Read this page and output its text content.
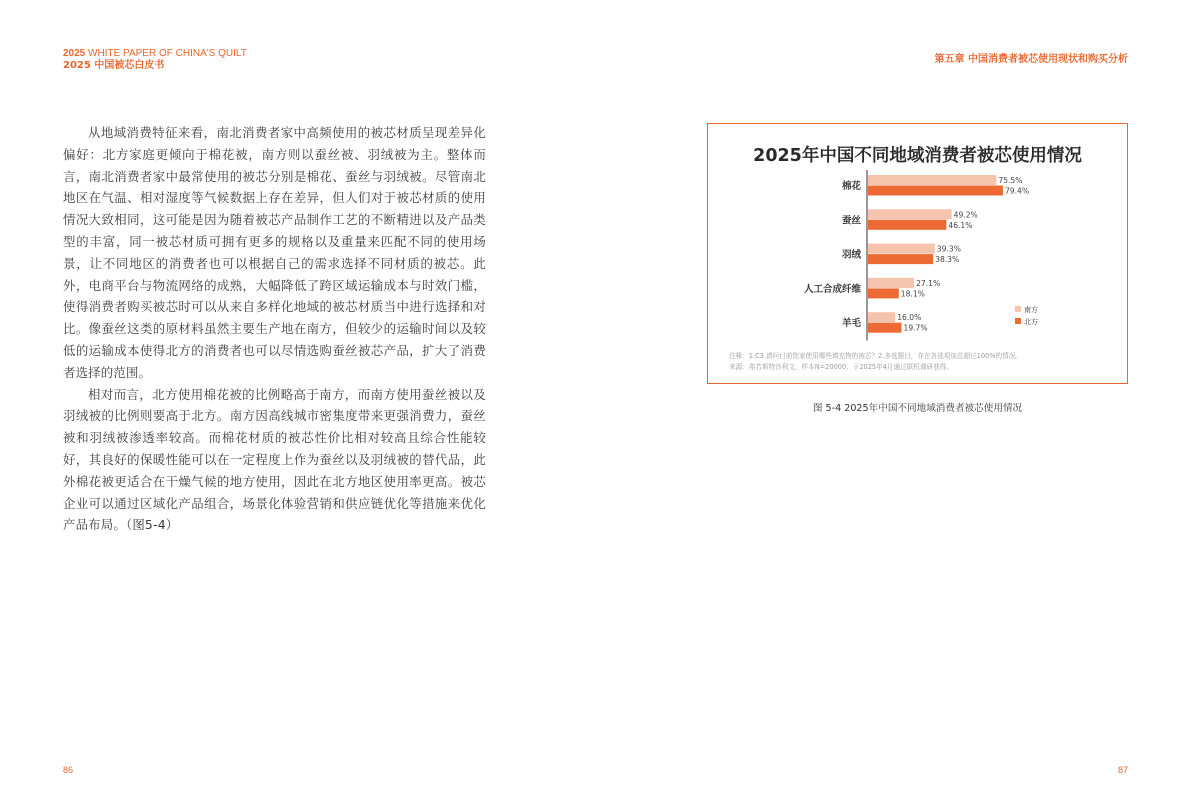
2025 WHITE PAPER OF CHINA'S QUILT
2025 中国被芯白皮书
第五章 中国消费者被芯使用现状和购买分析

从地域消费特征来看，南北消费者家中高频使用的被芯材质呈现差异化偏好：北方家庭更倾向于棉花被，南方则以蚕丝被、羽绒被为主。整体而言，南北消费者家中最常使用的被芯分别是棉花、蚕丝与羽绒被。尽管南北地区在气温、相对湿度等气候数据上存在差异，但人们对于被芯材质的使用情况大致相同，这可能是因为随着被芯产品制作工艺的不断精进以及产品类型的丰富，同一被芯材质可拥有更多的规格以及重量来匹配不同的使用场景，让不同地区的消费者也可以根据自己的需求选择不同材质的被芯。此外，电商平台与物流网络的成熟，大幅降低了跨区域运输成本与时效门槛，使得消费者购买被芯时可以从来自多样化地域的被芯材质当中进行选择和对比。像蚕丝这类的原材料虽然主要生产地在南方，但较少的运输时间以及较低的运输成本使得北方的消费者也可以尽情选购蚕丝被芯产品，扩大了消费者选择的范围。

相对而言，北方使用棉花被的比例略高于南方，而南方使用蚕丝被以及羽绒被的比例则要高于北方。南方因高线城市密集度带来更强消费力，蚕丝被和羽绒被渗透率较高。而棉花材质的被芯性价比相对较高且综合性能较好，其良好的保暖性能可以在一定程度上作为蚕丝以及羽绒被的替代品，此外棉花被更适合在干燥气候的地方使用，因此在北方地区使用率更高。被芯企业可以通过区域化产品组合，场景化体验营销和供应链优化等措施来优化产品布局。（图5-4）

2025年中国不同地域消费者被芯使用情况
棉花
75.5%
79.4%
蚕丝
49.2%
46.1%
羽绒
39.3%
38.3%
人工合成纤维
27.1%
18.1%
羊毛
16.0%
19.7%
南方
北方
注释：1.C3.请问目前您家使用哪些填充物的被芯？2.多选题目，存在各选项加总超过100%的情况。
来源：弗若斯特沙利文，样本N=20000，于2025年4月通过联机调研获得。
图 5-4 2025年中国不同地域消费者被芯使用情况
86	87
